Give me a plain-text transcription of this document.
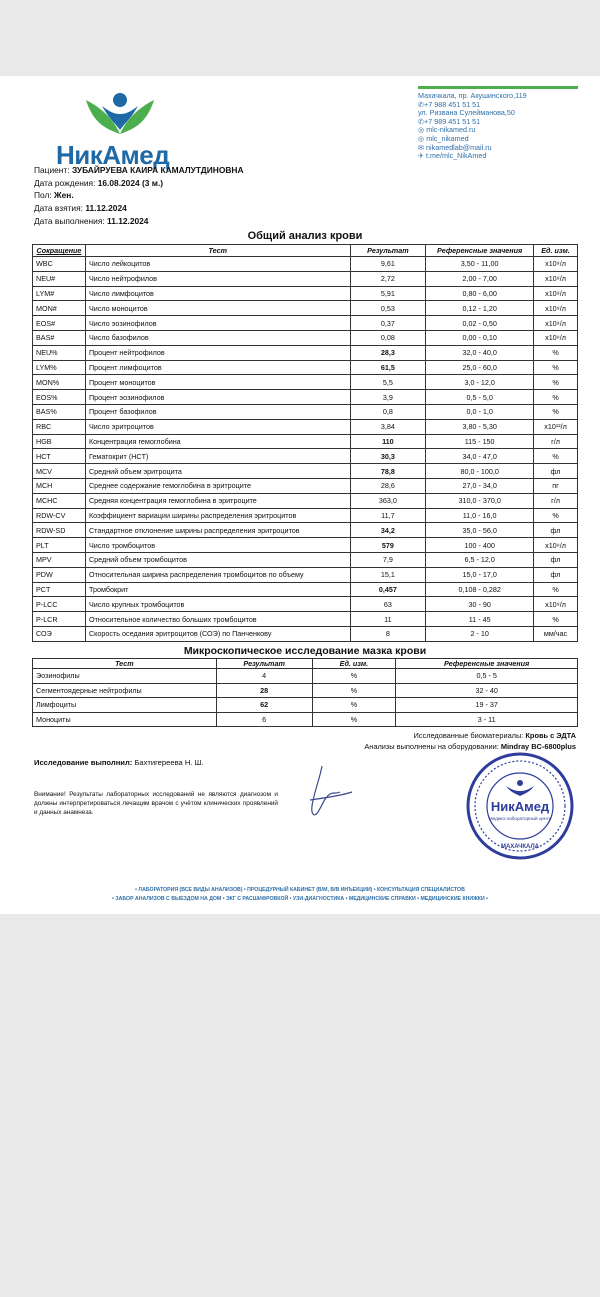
НикАмед
Махачкала, пр. Акушинского,119
✆+7 988 451 51 51
ул. Ризвана Сулейманова,50
✆+7 989 451 51 51
◎ mlc-nikamed.ru
◎ mlc_nikamed
✉ nikamedlab@mail.ru
✈ t.me/mlc_NikAmed
Пациент: ЗУБАЙРУЕВА КАИРА КАМАЛУТДИНОВНА
Дата рождения: 16.08.2024 (3 м.)
Пол: Жен.
Дата взятия: 11.12.2024
Дата выполнения: 11.12.2024
Общий анализ крови
Сокращение	Тест	Результат	Референсные значения	Ед. изм.
WBC	Число лейкоцитов	9,61	3,50 - 11,00	x10⁹/л
NEU#	Число нейтрофилов	2,72	2,00 - 7,00	x10⁹/л
LYM#	Число лимфоцитов	5,91	0,80 - 6,00	x10⁹/л
MON#	Число моноцитов	0,53	0,12 - 1,20	x10⁹/л
EOS#	Число эозинофилов	0,37	0,02 - 0,50	x10⁹/л
BAS#	Число базофилов	0,08	0,00 - 0,10	x10⁹/л
NEU%	Процент нейтрофилов	28,3	32,0 - 40,0	%
LYM%	Процент лимфоцитов	61,5	25,0 - 60,0	%
MON%	Процент моноцитов	5,5	3,0 - 12,0	%
EOS%	Процент эозинофилов	3,9	0,5 - 5,0	%
BAS%	Процент базофилов	0,8	0,0 - 1,0	%
RBC	Число эритроцитов	3,84	3,80 - 5,30	x10¹²/л
HGB	Концентрация гемоглобина	110	115 - 150	г/л
HCT	Гематокрит (HCT)	30,3	34,0 - 47,0	%
MCV	Средний объем эритроцита	78,8	80,0 - 100,0	фл
MCH	Среднее содержание гемоглобина в эритроците	28,6	27,0 - 34,0	пг
MCHC	Средняя концентрация гемоглобина в эритроците	363,0	310,0 - 370,0	г/л
RDW-CV	Коэффициент вариации ширины распределения эритроцитов	11,7	11,0 - 16,0	%
RDW-SD	Стандартное отклонение ширины распределения эритроцитов	34,2	35,0 - 56,0	фл
PLT	Число тромбоцитов	579	100 - 400	x10⁹/л
MPV	Средний объем тромбоцитов	7,9	6,5 - 12,0	фл
PDW	Относительная ширина распределения тромбоцитов по объему	15,1	15,0 - 17,0	фл
PCT	Тромбокрит	0,457	0,108 - 0,282	%
P-LCC	Число крупных тромбоцитов	63	30 - 90	x10⁹/л
P-LCR	Относительное количество больших тромбоцитов	11	11 - 45	%
СОЭ	Скорость оседания эритроцитов (СОЭ) по Панченкову	8	2 - 10	мм/час
Микроскопическое исследование мазка крови
Тест	Результат	Ед. изм.	Референсные значения
Эозинофилы	4	%	0,5 - 5
Сегментоядерные нейтрофилы	28	%	32 - 40
Лимфоциты	62	%	19 - 37
Моноциты	6	%	3 - 11
Исследованные биоматериалы: Кровь с ЭДТА
Анализы выполнены на оборудовании: Mindray BC-6800plus
Исследование выполнил: Бахтигереева Н. Ш.
Внимание! Результаты лабораторных исследований не являются диагнозом и должны интерпретироваться лечащим врачом с учётом клинических проявлений и данных анамнеза.	НикАмед
Медико-лабораторный центр
МАХАЧКАЛА
• ЛАБОРАТОРИЯ (ВСЕ ВИДЫ АНАЛИЗОВ) • ПРОЦЕДУРНЫЙ КАБИНЕТ (В/М, В/В ИНЪЕКЦИИ) • КОНСУЛЬТАЦИЯ СПЕЦИАЛИСТОВ
• ЗАБОР АНАЛИЗОВ С ВЫЕЗДОМ НА ДОМ • ЭКГ С РАСШИФРОВКОЙ • УЗИ-ДИАГНОСТИКА • МЕДИЦИНСКИЕ СПРАВКИ • МЕДИЦИНСКИЕ КНИЖКИ •
